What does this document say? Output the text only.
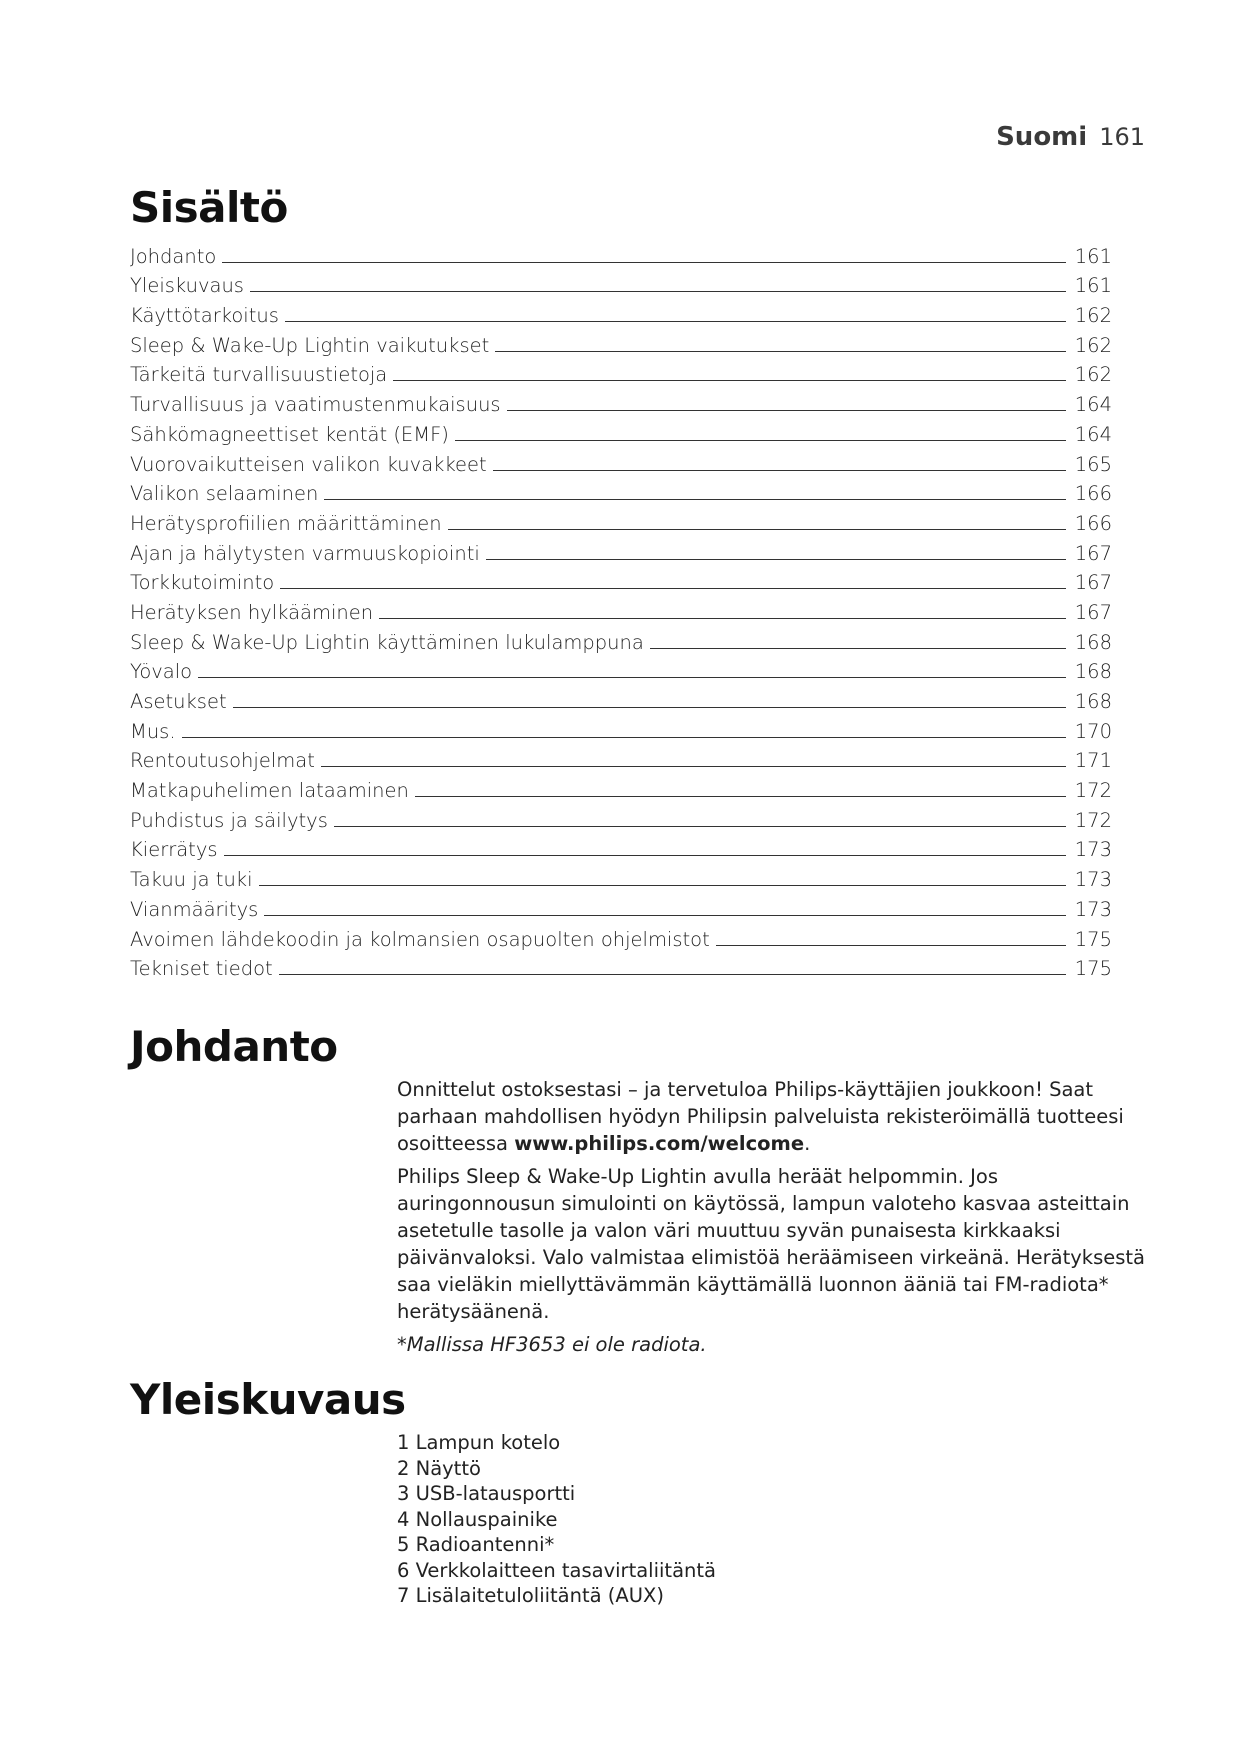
Suomi 161
Sisältö
Johdanto	161
Yleiskuvaus	161
Käyttötarkoitus	162
Sleep & Wake-Up Lightin vaikutukset	162
Tärkeitä turvallisuustietoja	162
Turvallisuus ja vaatimustenmukaisuus	164
Sähkömagneettiset kentät (EMF)	164
Vuorovaikutteisen valikon kuvakkeet	165
Valikon selaaminen	166
Herätysprofiilien määrittäminen	166
Ajan ja hälytysten varmuuskopiointi	167
Torkkutoiminto	167
Herätyksen hylkääminen	167
Sleep & Wake-Up Lightin käyttäminen lukulamppuna	168
Yövalo	168
Asetukset	168
Mus.	170
Rentoutusohjelmat	171
Matkapuhelimen lataaminen	172
Puhdistus ja säilytys	172
Kierrätys	173
Takuu ja tuki	173
Vianmääritys	173
Avoimen lähdekoodin ja kolmansien osapuolten ohjelmistot	175
Tekniset tiedot	175
Johdanto

Onnittelut ostoksestasi – ja tervetuloa Philips-käyttäjien joukkoon! Saat parhaan mahdollisen hyödyn Philipsin palveluista rekisteröimällä tuotteesi osoitteessa www.philips.com/welcome.

Philips Sleep & Wake-Up Lightin avulla heräät helpommin. Jos auringonnousun simulointi on käytössä, lampun valoteho kasvaa asteittain asetetulle tasolle ja valon väri muuttuu syvän punaisesta kirkkaaksi päivänvaloksi. Valo valmistaa elimistöä heräämiseen virkeänä. Herätyksestä saa vieläkin miellyttävämmän käyttämällä luonnon ääniä tai FM-radiota* herätysäänenä.

*Mallissa HF3653 ei ole radiota.

Yleiskuvaus
1 Lampun kotelo
2 Näyttö
3 USB-latausportti
4 Nollauspainike
5 Radioantenni*
6 Verkkolaitteen tasavirtaliitäntä
7 Lisälaitetuloliitäntä (AUX)
